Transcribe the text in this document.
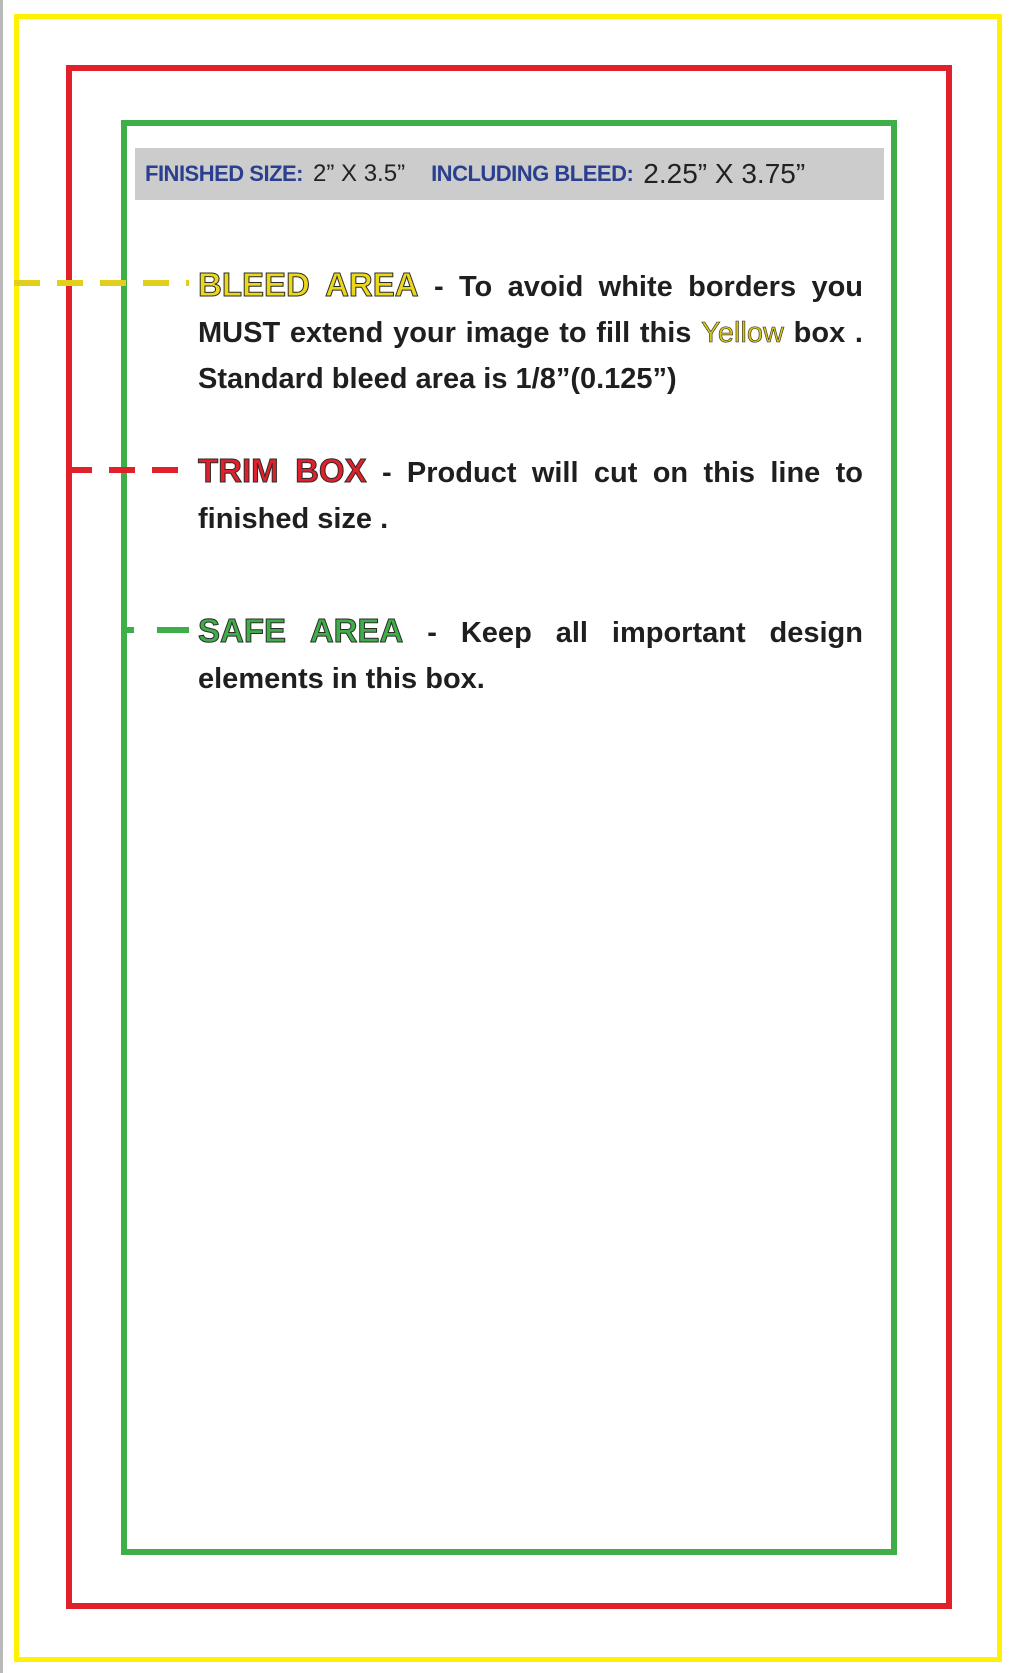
FINISHED SIZE: 2” X 3.5” INCLUDING BLEED: 2.25” X 3.75”
BLEED AREA - To avoid white borders you MUST extend your image to fill this Yellow box . Standard bleed area is 1/8”(0.125”)
TRIM BOX - Product will cut on this line to finished size .
SAFE AREA - Keep all important design elements in this box.
